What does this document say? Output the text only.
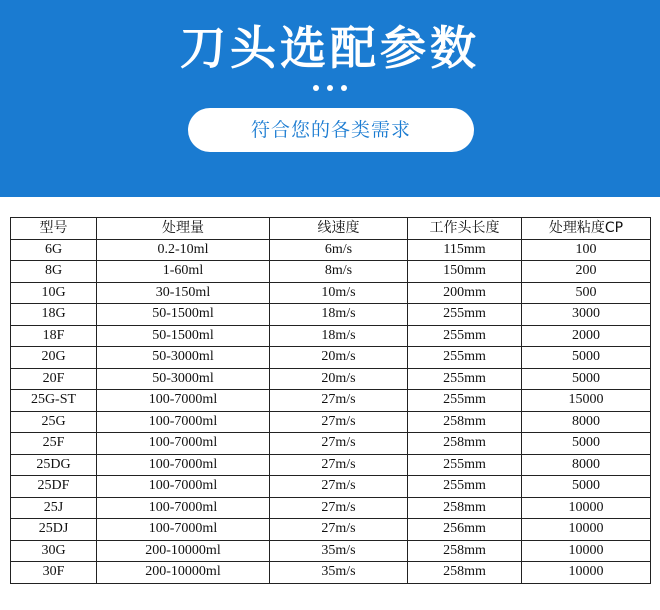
刀头选配参数

符合您的各类需求
型号	处理量	线速度	工作头长度	处理粘度CP
6G	0.2-10ml	6m/s	115mm	100
8G	1-60ml	8m/s	150mm	200
10G	30-150ml	10m/s	200mm	500
18G	50-1500ml	18m/s	255mm	3000
18F	50-1500ml	18m/s	255mm	2000
20G	50-3000ml	20m/s	255mm	5000
20F	50-3000ml	20m/s	255mm	5000
25G-ST	100-7000ml	27m/s	255mm	15000
25G	100-7000ml	27m/s	258mm	8000
25F	100-7000ml	27m/s	258mm	5000
25DG	100-7000ml	27m/s	255mm	8000
25DF	100-7000ml	27m/s	255mm	5000
25J	100-7000ml	27m/s	258mm	10000
25DJ	100-7000ml	27m/s	256mm	10000
30G	200-10000ml	35m/s	258mm	10000
30F	200-10000ml	35m/s	258mm	10000
